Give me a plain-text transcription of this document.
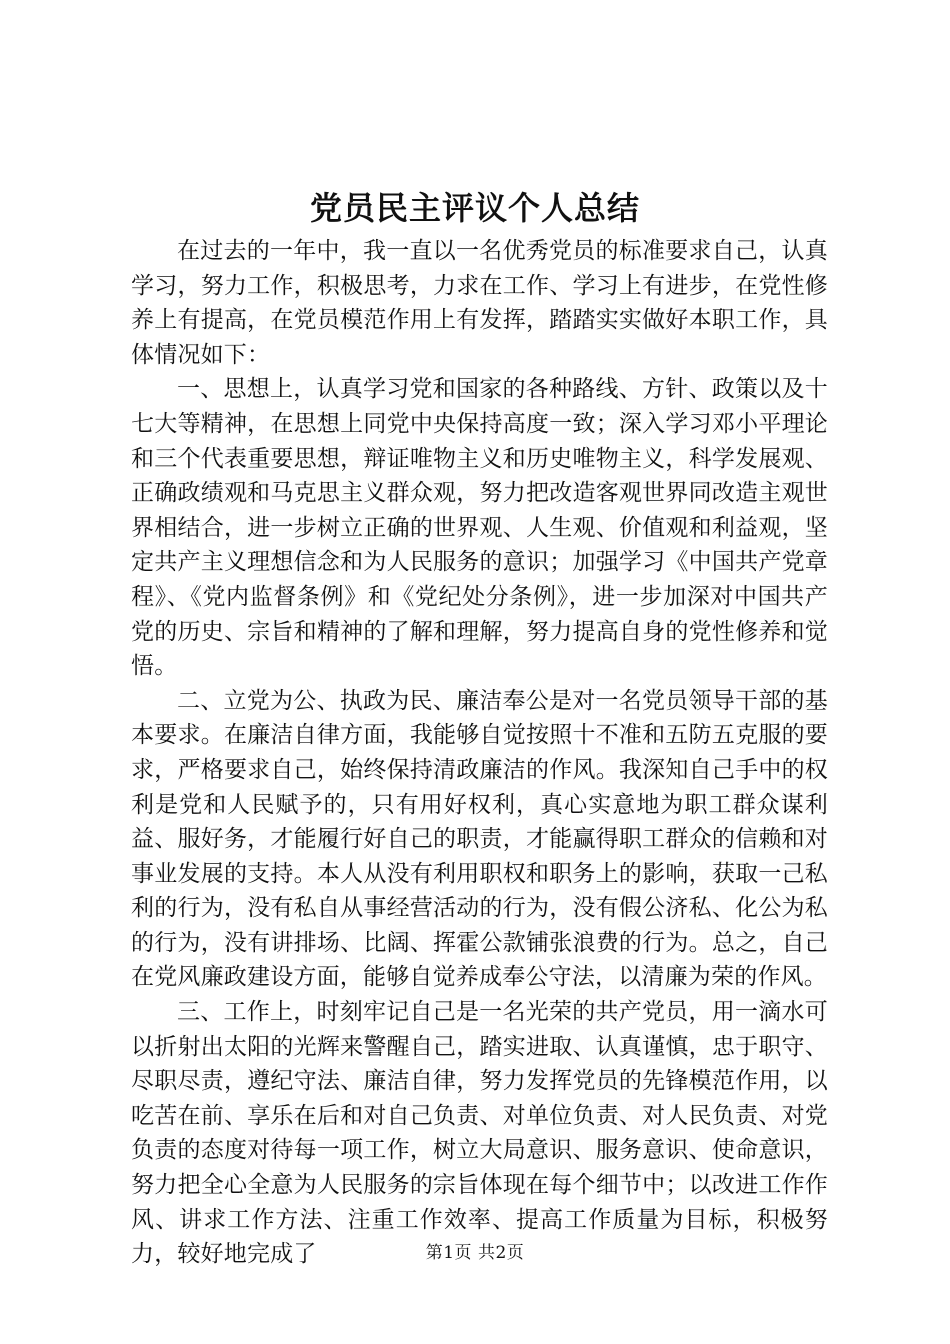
党员民主评议个人总结

在过去的一年中，我一直以一名优秀党员的标准要求自己，认真学习，努力工作，积极思考，力求在工作、学习上有进步，在党性修养上有提高，在党员模范作用上有发挥，踏踏实实做好本职工作，具体情况如下：

一、思想上，认真学习党和国家的各种路线、方针、政策以及十七大等精神，在思想上同党中央保持高度一致；深入学习邓小平理论和三个代表重要思想，辩证唯物主义和历史唯物主义，科学发展观、正确政绩观和马克思主义群众观，努力把改造客观世界同改造主观世界相结合，进一步树立正确的世界观、人生观、价值观和利益观，坚定共产主义理想信念和为人民服务的意识；加强学习《中国共产党章程》、《党内监督条例》和《党纪处分条例》，进一步加深对中国共产党的历史、宗旨和精神的了解和理解，努力提高自身的党性修养和觉悟。

二、立党为公、执政为民、廉洁奉公是对一名党员领导干部的基本要求。在廉洁自律方面，我能够自觉按照十不准和五防五克服的要求，严格要求自己，始终保持清政廉洁的作风。我深知自己手中的权利是党和人民赋予的，只有用好权利，真心实意地为职工群众谋利益、服好务，才能履行好自己的职责，才能赢得职工群众的信赖和对事业发展的支持。本人从没有利用职权和职务上的影响，获取一己私利的行为，没有私自从事经营活动的行为，没有假公济私、化公为私的行为，没有讲排场、比阔、挥霍公款铺张浪费的行为。总之，自己在党风廉政建设方面，能够自觉养成奉公守法，以清廉为荣的作风。

三、工作上，时刻牢记自己是一名光荣的共产党员，用一滴水可以折射出太阳的光辉来警醒自己，踏实进取、认真谨慎，忠于职守、尽职尽责，遵纪守法、廉洁自律，努力发挥党员的先锋模范作用，以吃苦在前、享乐在后和对自己负责、对单位负责、对人民负责、对党负责的态度对待每一项工作，树立大局意识、服务意识、使命意识，努力把全心全意为人民服务的宗旨体现在每个细节中；以改进工作作风、讲求工作方法、注重工作效率、提高工作质量为目标，积极努力，较好地完成了	第1页 共2页
